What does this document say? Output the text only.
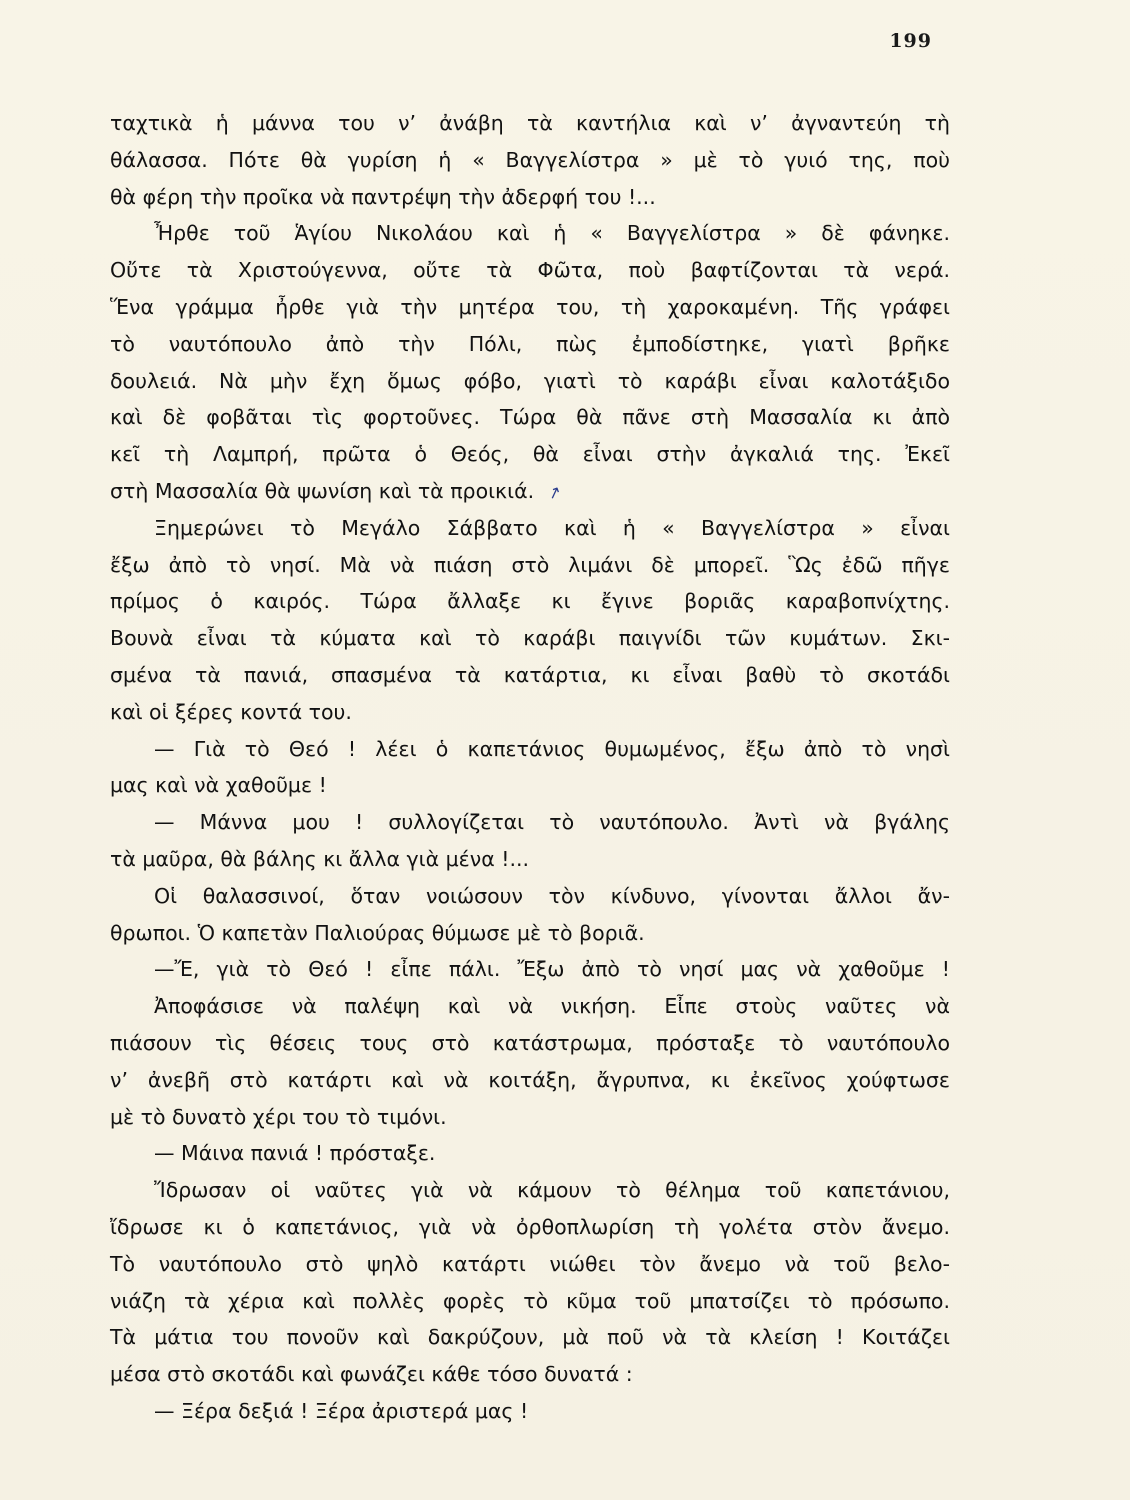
199
ταχτικὰ ἡ μάννα του ν’ ἀνάβη τὰ καντήλια καὶ ν’ ἀγναντεύη τὴ
θάλασσα. Πότε θὰ γυρίση ἡ « Βαγγελίστρα » μὲ τὸ γυιό της, ποὺ
θὰ φέρη τὴν προῖκα νὰ παντρέψη τὴν ἀδερφή του !...
Ἦρθε τοῦ Ἁγίου Νικολάου καὶ ἡ « Βαγγελίστρα » δὲ φάνηκε.
Οὔτε τὰ Χριστούγεννα, οὔτε τὰ Φῶτα, ποὺ βαφτίζονται τὰ νερά.
Ἕνα γράμμα ἦρθε γιὰ τὴν μητέρα του, τὴ χαροκαμένη. Τῆς γράφει
τὸ ναυτόπουλο ἀπὸ τὴν Πόλι, πὼς ἐμποδίστηκε, γιατὶ βρῆκε
δουλειά. Νὰ μὴν ἔχη ὅμως φόβο, γιατὶ τὸ καράβι εἶναι καλοτάξιδο
καὶ δὲ φοβᾶται τὶς φορτοῦνες. Τώρα θὰ πᾶνε στὴ Μασσαλία κι ἀπὸ
κεῖ τὴ Λαμπρή, πρῶτα ὁ Θεός, θὰ εἶναι στὴν ἀγκαλιά της. Ἐκεῖ
στὴ Μασσαλία θὰ ψωνίση καὶ τὰ προικιά. ↗
Ξημερώνει τὸ Μεγάλο Σάββατο καὶ ἡ « Βαγγελίστρα » εἶναι
ἔξω ἀπὸ τὸ νησί. Μὰ νὰ πιάση στὸ λιμάνι δὲ μπορεῖ. Ὣς ἐδῶ πῆγε
πρίμος ὁ καιρός. Τώρα ἄλλαξε κι ἔγινε βοριᾶς καραβοπνίχτης.
Βουνὰ εἶναι τὰ κύματα καὶ τὸ καράβι παιγνίδι τῶν κυμάτων. Σκι-
σμένα τὰ πανιά, σπασμένα τὰ κατάρτια, κι εἶναι βαθὺ τὸ σκοτάδι
καὶ οἱ ξέρες κοντά του.
— Γιὰ τὸ Θεό ! λέει ὁ καπετάνιος θυμωμένος, ἔξω ἀπὸ τὸ νησὶ
μας καὶ νὰ χαθοῦμε !
— Μάννα μου ! συλλογίζεται τὸ ναυτόπουλο. Ἀντὶ νὰ βγάλης
τὰ μαῦρα, θὰ βάλης κι ἄλλα γιὰ μένα !...
Οἱ θαλασσινοί, ὅταν νοιώσουν τὸν κίνδυνο, γίνονται ἄλλοι ἄν-
θρωποι. Ὁ καπετὰν Παλιούρας θύμωσε μὲ τὸ βοριᾶ.
—Ἔ, γιὰ τὸ Θεό ! εἶπε πάλι. Ἔξω ἀπὸ τὸ νησί μας νὰ χαθοῦμε !
Ἀποφάσισε νὰ παλέψη καὶ νὰ νικήση. Εἶπε στοὺς ναῦτες νὰ
πιάσουν τὶς θέσεις τους στὸ κατάστρωμα, πρόσταξε τὸ ναυτόπουλο
ν’ ἀνεβῆ στὸ κατάρτι καὶ νὰ κοιτάξη, ἄγρυπνα, κι ἐκεῖνος χούφτωσε
μὲ τὸ δυνατὸ χέρι του τὸ τιμόνι.
— Μάινα πανιά ! πρόσταξε.
Ἴδρωσαν οἱ ναῦτες γιὰ νὰ κάμουν τὸ θέλημα τοῦ καπετάνιου,
ἴδρωσε κι ὁ καπετάνιος, γιὰ νὰ ὀρθοπλωρίση τὴ γολέτα στὸν ἄνεμο.
Τὸ ναυτόπουλο στὸ ψηλὸ κατάρτι νιώθει τὸν ἄνεμο νὰ τοῦ βελο-
νιάζη τὰ χέρια καὶ πολλὲς φορὲς τὸ κῦμα τοῦ μπατσίζει τὸ πρόσωπο.
Τὰ μάτια του πονοῦν καὶ δακρύζουν, μὰ ποῦ νὰ τὰ κλείση ! Κοιτάζει
μέσα στὸ σκοτάδι καὶ φωνάζει κάθε τόσο δυνατά :
— Ξέρα δεξιά ! Ξέρα ἀριστερά μας !
